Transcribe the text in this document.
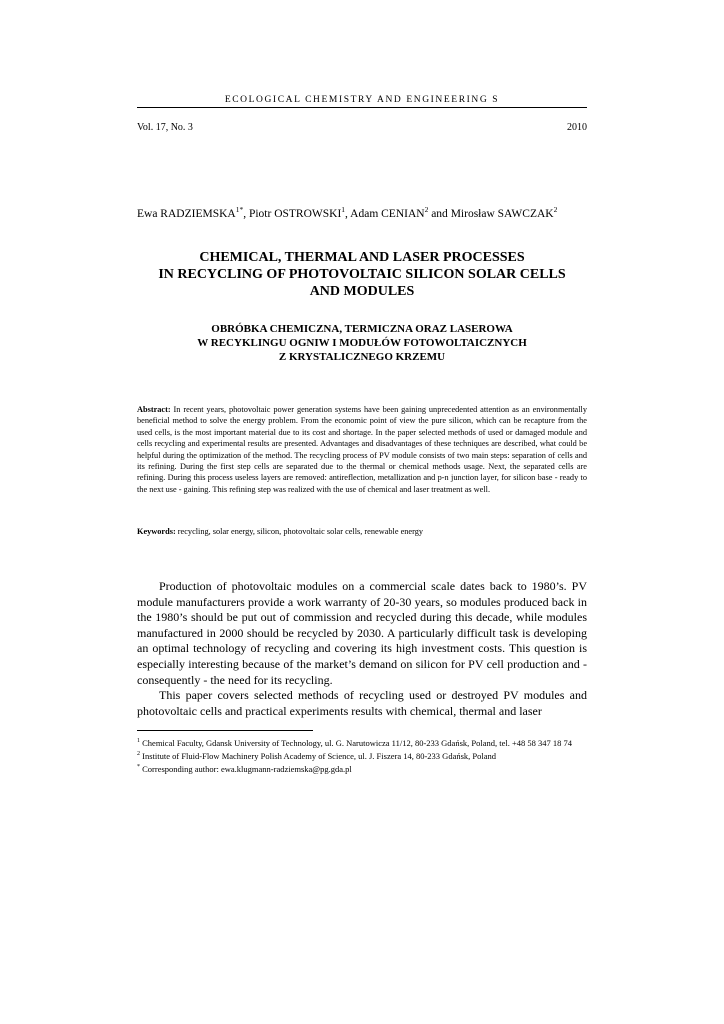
ECOLOGICAL CHEMISTRY AND ENGINEERING S
Vol. 17, No. 3	2010
Ewa $RADZIEMSKA^{1*}$, Piotr OSTROWSKI$^1$, Adam CENIAN$^2$ and Mirosław SAWCZAK$^2$
CHEMICAL, THERMAL AND LASER PROCESSES
IN RECYCLING OF PHOTOVOLTAIC SILICON SOLAR CELLS
AND MODULES
OBRÓBKA CHEMICZNA, TERMICZNA ORAZ LASEROWA
W RECYKLINGU OGNIW I MODUŁÓW FOTOWOLTAICZNYCH
Z KRYSTALICZNEGO KRZEMU
Abstract: In recent years, photovoltaic power generation systems have been gaining unprecedented attention as an environmentally beneficial method to solve the energy problem. From the economic point of view the pure silicon, which can be recapture from the used cells, is the most important material due to its cost and shortage. In the paper selected methods of used or damaged module and cells recycling and experimental results are presented. Advantages and disadvantages of these techniques are described, what could be helpful during the optimization of the method. The recycling process of PV module consists of two main steps: separation of cells and its refining. During the first step cells are separated due to the thermal or chemical methods usage. Next, the separated cells are refining. During this process useless layers are removed: antireflection, metallization and p-n junction layer, for silicon base - ready to the next use - gaining. This refining step was realized with the use of chemical and laser treatment as well.
Keywords: recycling, solar energy, silicon, photovoltaic solar cells, renewable energy

Production of photovoltaic modules on a commercial scale dates back to 1980’s. PV module manufacturers provide a work warranty of 20-30 years, so modules produced back in the 1980’s should be put out of commission and recycled during this decade, while modules manufactured in 2000 should be recycled by 2030. A particularly difficult task is developing an optimal technology of recycling and covering its high investment costs. This question is especially interesting because of the market’s demand on silicon for PV cell production and - consequently - the need for its recycling.

This paper covers selected methods of recycling used or destroyed PV modules and photovoltaic cells and practical experiments results with chemical, thermal and laser

$^1$ Chemical Faculty, Gdansk University of Technology, ul. G. Narutowicza 11/12, 80-233 Gdańsk, Poland, tel. +48 58 347 18 74

$^2$ Institute of Fluid-Flow Machinery Polish Academy of Science, ul. J. Fiszera 14, 80-233 Gdańsk, Poland

* Corresponding author: ewa.klugmann-radziemska@pg.gda.pl
